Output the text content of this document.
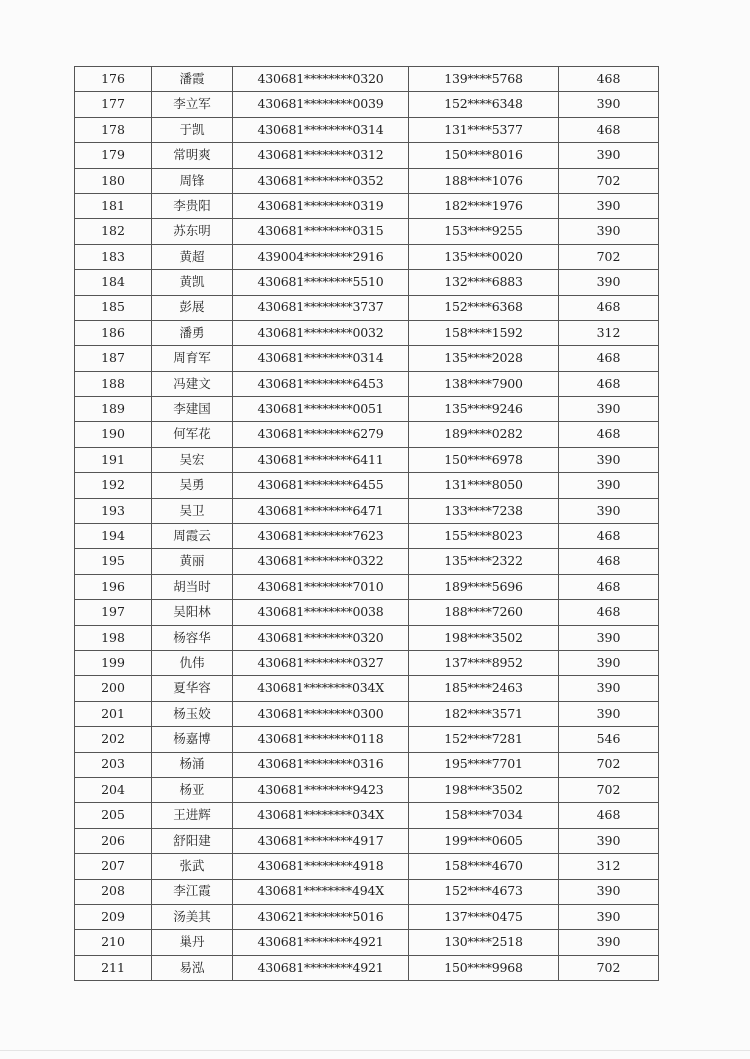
176	潘霞	430681********0320	139****5768	468
177	李立军	430681********0039	152****6348	390
178	于凯	430681********0314	131****5377	468
179	常明爽	430681********0312	150****8016	390
180	周锋	430681********0352	188****1076	702
181	李贵阳	430681********0319	182****1976	390
182	苏东明	430681********0315	153****9255	390
183	黄超	439004********2916	135****0020	702
184	黄凯	430681********5510	132****6883	390
185	彭展	430681********3737	152****6368	468
186	潘勇	430681********0032	158****1592	312
187	周育军	430681********0314	135****2028	468
188	冯建文	430681********6453	138****7900	468
189	李建国	430681********0051	135****9246	390
190	何军花	430681********6279	189****0282	468
191	吴宏	430681********6411	150****6978	390
192	吴勇	430681********6455	131****8050	390
193	吴卫	430681********6471	133****7238	390
194	周霞云	430681********7623	155****8023	468
195	黄丽	430681********0322	135****2322	468
196	胡当时	430681********7010	189****5696	468
197	吴阳林	430681********0038	188****7260	468
198	杨容华	430681********0320	198****3502	390
199	仇伟	430681********0327	137****8952	390
200	夏华容	430681********034X	185****2463	390
201	杨玉姣	430681********0300	182****3571	390
202	杨嘉博	430681********0118	152****7281	546
203	杨涌	430681********0316	195****7701	702
204	杨亚	430681********9423	198****3502	702
205	王进辉	430681********034X	158****7034	468
206	舒阳建	430681********4917	199****0605	390
207	张武	430681********4918	158****4670	312
208	李江霞	430681********494X	152****4673	390
209	汤美其	430621********5016	137****0475	390
210	巢丹	430681********4921	130****2518	390
211	易泓	430681********4921	150****9968	702
